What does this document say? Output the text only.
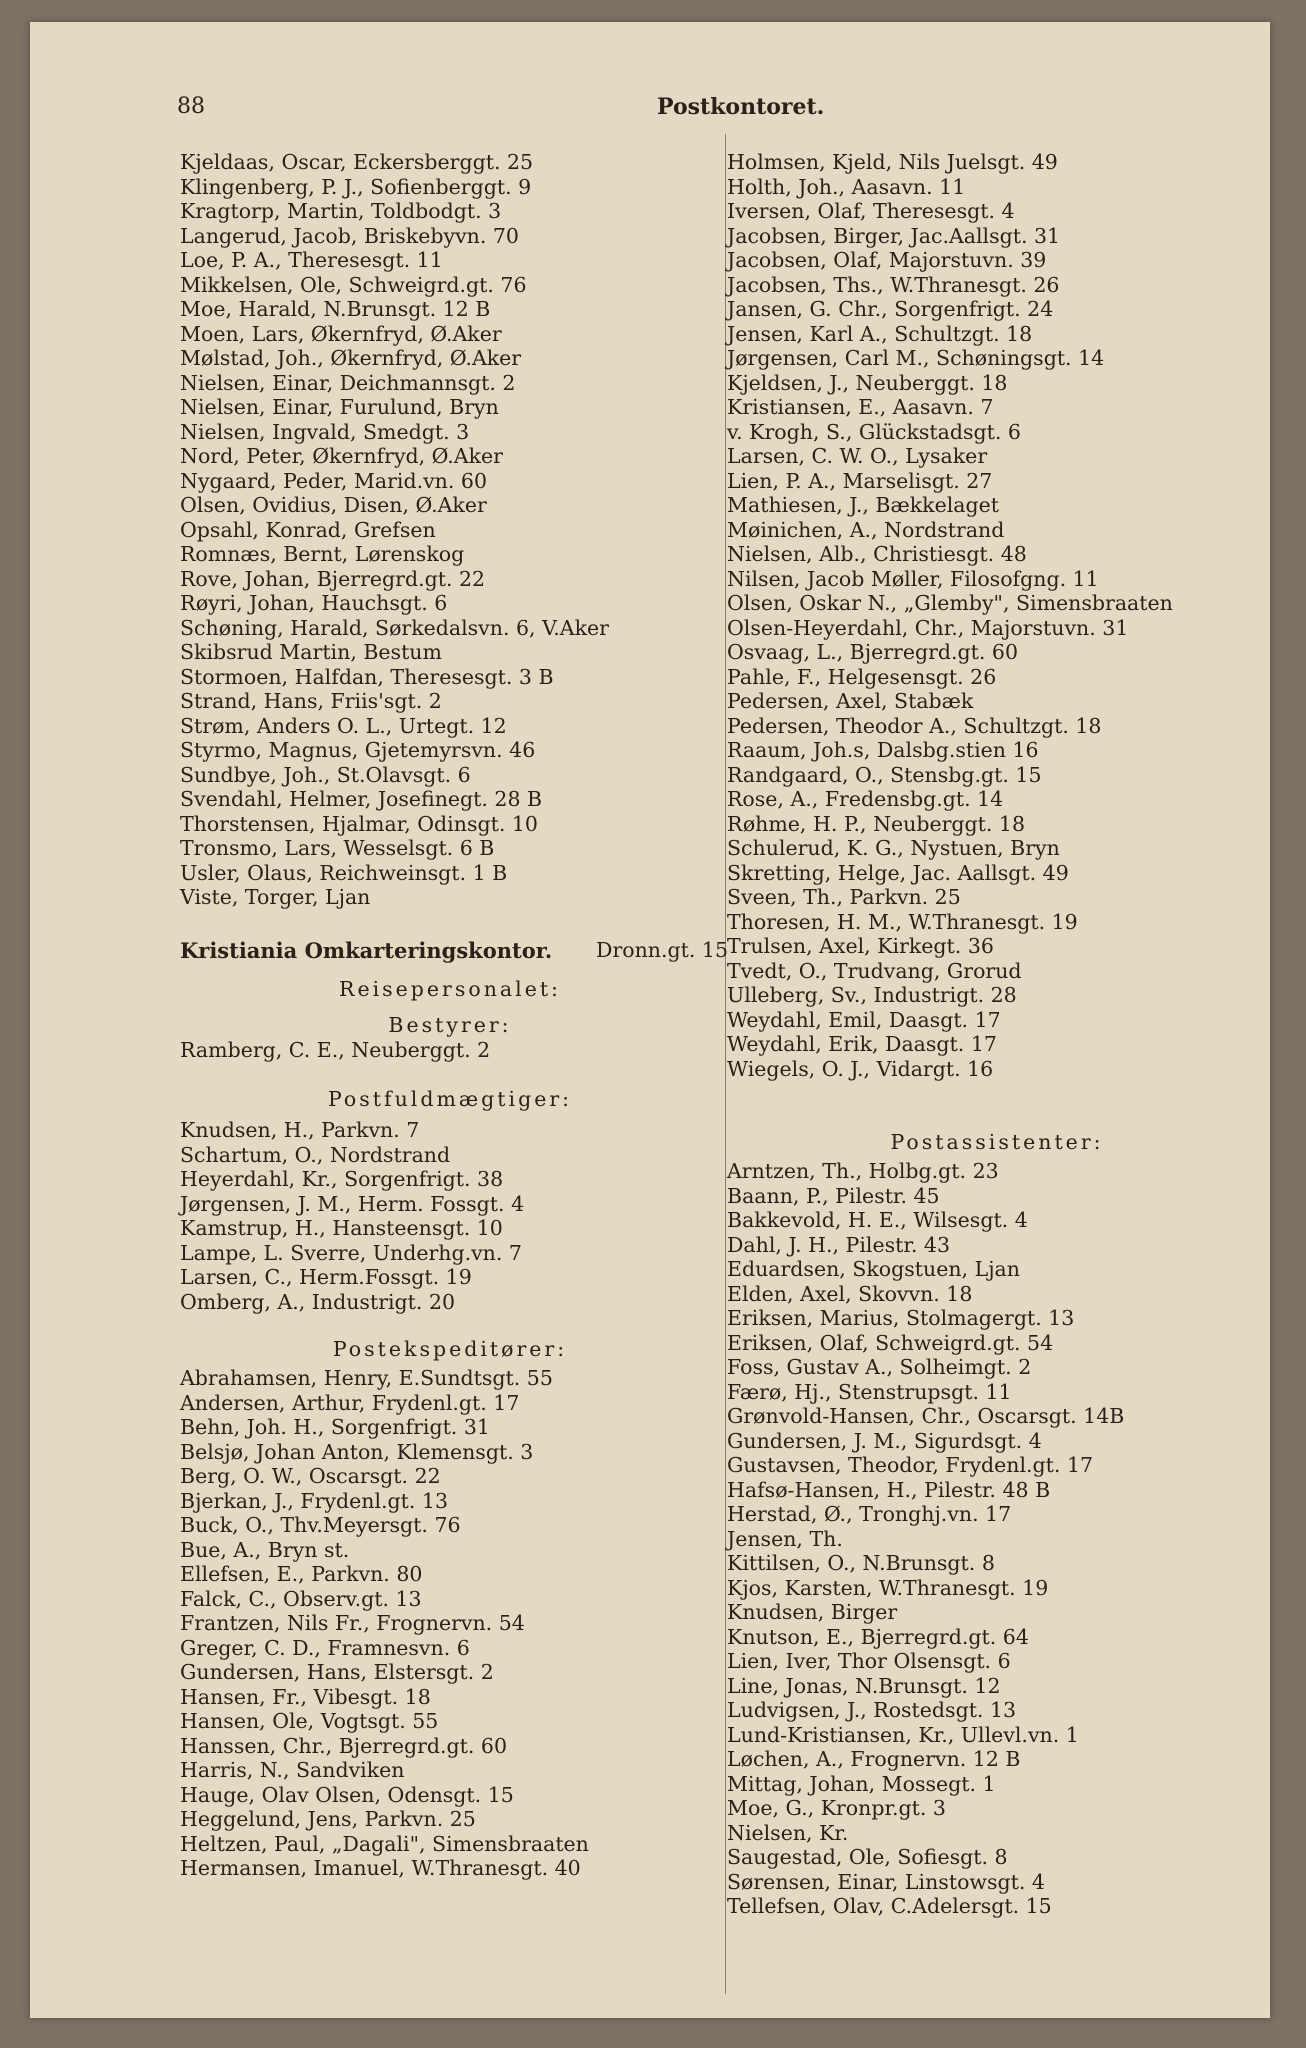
88	Postkontoret.
Kjeldaas, Oscar, Eckersberggt. 25
Klingenberg, P. J., Sofienberggt. 9
Kragtorp, Martin, Toldbodgt. 3
Langerud, Jacob, Briskebyvn. 70
Loe, P. A., Theresesgt. 11
Mikkelsen, Ole, Schweigrd.gt. 76
Moe, Harald, N.Brunsgt. 12 B
Moen, Lars, Økernfryd, Ø.Aker
Mølstad, Joh., Økernfryd, Ø.Aker
Nielsen, Einar, Deichmannsgt. 2
Nielsen, Einar, Furulund, Bryn
Nielsen, Ingvald, Smedgt. 3
Nord, Peter, Økernfryd, Ø.Aker
Nygaard, Peder, Marid.vn. 60
Olsen, Ovidius, Disen, Ø.Aker
Opsahl, Konrad, Grefsen
Romnæs, Bernt, Lørenskog
Rove, Johan, Bjerregrd.gt. 22
Røyri, Johan, Hauchsgt. 6
Schøning, Harald, Sørkedalsvn. 6, V.Aker
Skibsrud Martin, Bestum
Stormoen, Halfdan, Theresesgt. 3 B
Strand, Hans, Friis'sgt. 2
Strøm, Anders O. L., Urtegt. 12
Styrmo, Magnus, Gjetemyrsvn. 46
Sundbye, Joh., St.Olavsgt. 6
Svendahl, Helmer, Josefinegt. 28 B
Thorstensen, Hjalmar, Odinsgt. 10
Tronsmo, Lars, Wesselsgt. 6 B
Usler, Olaus, Reichweinsgt. 1 B
Viste, Torger, Ljan
Kristiania Omkarteringskontor. Dronn.gt. 15
Reisepersonalet:
Bestyrer:
Ramberg, C. E., Neuberggt. 2
Postfuldmægtiger:
Knudsen, H., Parkvn. 7
Schartum, O., Nordstrand
Heyerdahl, Kr., Sorgenfrigt. 38
Jørgensen, J. M., Herm. Fossgt. 4
Kamstrup, H., Hansteensgt. 10
Lampe, L. Sverre, Underhg.vn. 7
Larsen, C., Herm.Fossgt. 19
Omberg, A., Industrigt. 20
Postekspeditører:
Abrahamsen, Henry, E.Sundtsgt. 55
Andersen, Arthur, Frydenl.gt. 17
Behn, Joh. H., Sorgenfrigt. 31
Belsjø, Johan Anton, Klemensgt. 3
Berg, O. W., Oscarsgt. 22
Bjerkan, J., Frydenl.gt. 13
Buck, O., Thv.Meyersgt. 76
Bue, A., Bryn st.
Ellefsen, E., Parkvn. 80
Falck, C., Observ.gt. 13
Frantzen, Nils Fr., Frognervn. 54
Greger, C. D., Framnesvn. 6
Gundersen, Hans, Elstersgt. 2
Hansen, Fr., Vibesgt. 18
Hansen, Ole, Vogtsgt. 55
Hanssen, Chr., Bjerregrd.gt. 60
Harris, N., Sandviken
Hauge, Olav Olsen, Odensgt. 15
Heggelund, Jens, Parkvn. 25
Heltzen, Paul, „Dagali", Simensbraaten
Hermansen, Imanuel, W.Thranesgt. 40
Holmsen, Kjeld, Nils Juelsgt. 49
Holth, Joh., Aasavn. 11
Iversen, Olaf, Theresesgt. 4
Jacobsen, Birger, Jac.Aallsgt. 31
Jacobsen, Olaf, Majorstuvn. 39
Jacobsen, Ths., W.Thranesgt. 26
Jansen, G. Chr., Sorgenfrigt. 24
Jensen, Karl A., Schultzgt. 18
Jørgensen, Carl M., Schøningsgt. 14
Kjeldsen, J., Neuberggt. 18
Kristiansen, E., Aasavn. 7
v. Krogh, S., Glückstadsgt. 6
Larsen, C. W. O., Lysaker
Lien, P. A., Marselisgt. 27
Mathiesen, J., Bækkelaget
Møinichen, A., Nordstrand
Nielsen, Alb., Christiesgt. 48
Nilsen, Jacob Møller, Filosofgng. 11
Olsen, Oskar N., „Glemby", Simensbraaten
Olsen-Heyerdahl, Chr., Majorstuvn. 31
Osvaag, L., Bjerregrd.gt. 60
Pahle, F., Helgesensgt. 26
Pedersen, Axel, Stabæk
Pedersen, Theodor A., Schultzgt. 18
Raaum, Joh.s, Dalsbg.stien 16
Randgaard, O., Stensbg.gt. 15
Rose, A., Fredensbg.gt. 14
Røhme, H. P., Neuberggt. 18
Schulerud, K. G., Nystuen, Bryn
Skretting, Helge, Jac. Aallsgt. 49
Sveen, Th., Parkvn. 25
Thoresen, H. M., W.Thranesgt. 19
Trulsen, Axel, Kirkegt. 36
Tvedt, O., Trudvang, Grorud
Ulleberg, Sv., Industrigt. 28
Weydahl, Emil, Daasgt. 17
Weydahl, Erik, Daasgt. 17
Wiegels, O. J., Vidargt. 16
Postassistenter:
Arntzen, Th., Holbg.gt. 23
Baann, P., Pilestr. 45
Bakkevold, H. E., Wilsesgt. 4
Dahl, J. H., Pilestr. 43
Eduardsen, Skogstuen, Ljan
Elden, Axel, Skovvn. 18
Eriksen, Marius, Stolmagergt. 13
Eriksen, Olaf, Schweigrd.gt. 54
Foss, Gustav A., Solheimgt. 2
Færø, Hj., Stenstrupsgt. 11
Grønvold-Hansen, Chr., Oscarsgt. 14B
Gundersen, J. M., Sigurdsgt. 4
Gustavsen, Theodor, Frydenl.gt. 17
Hafsø-Hansen, H., Pilestr. 48 B
Herstad, Ø., Tronghj.vn. 17
Jensen, Th.
Kittilsen, O., N.Brunsgt. 8
Kjos, Karsten, W.Thranesgt. 19
Knudsen, Birger
Knutson, E., Bjerregrd.gt. 64
Lien, Iver, Thor Olsensgt. 6
Line, Jonas, N.Brunsgt. 12
Ludvigsen, J., Rostedsgt. 13
Lund-Kristiansen, Kr., Ullevl.vn. 1
Løchen, A., Frognervn. 12 B
Mittag, Johan, Mossegt. 1
Moe, G., Kronpr.gt. 3
Nielsen, Kr.
Saugestad, Ole, Sofiesgt. 8
Sørensen, Einar, Linstowsgt. 4
Tellefsen, Olav, C.Adelersgt. 15
